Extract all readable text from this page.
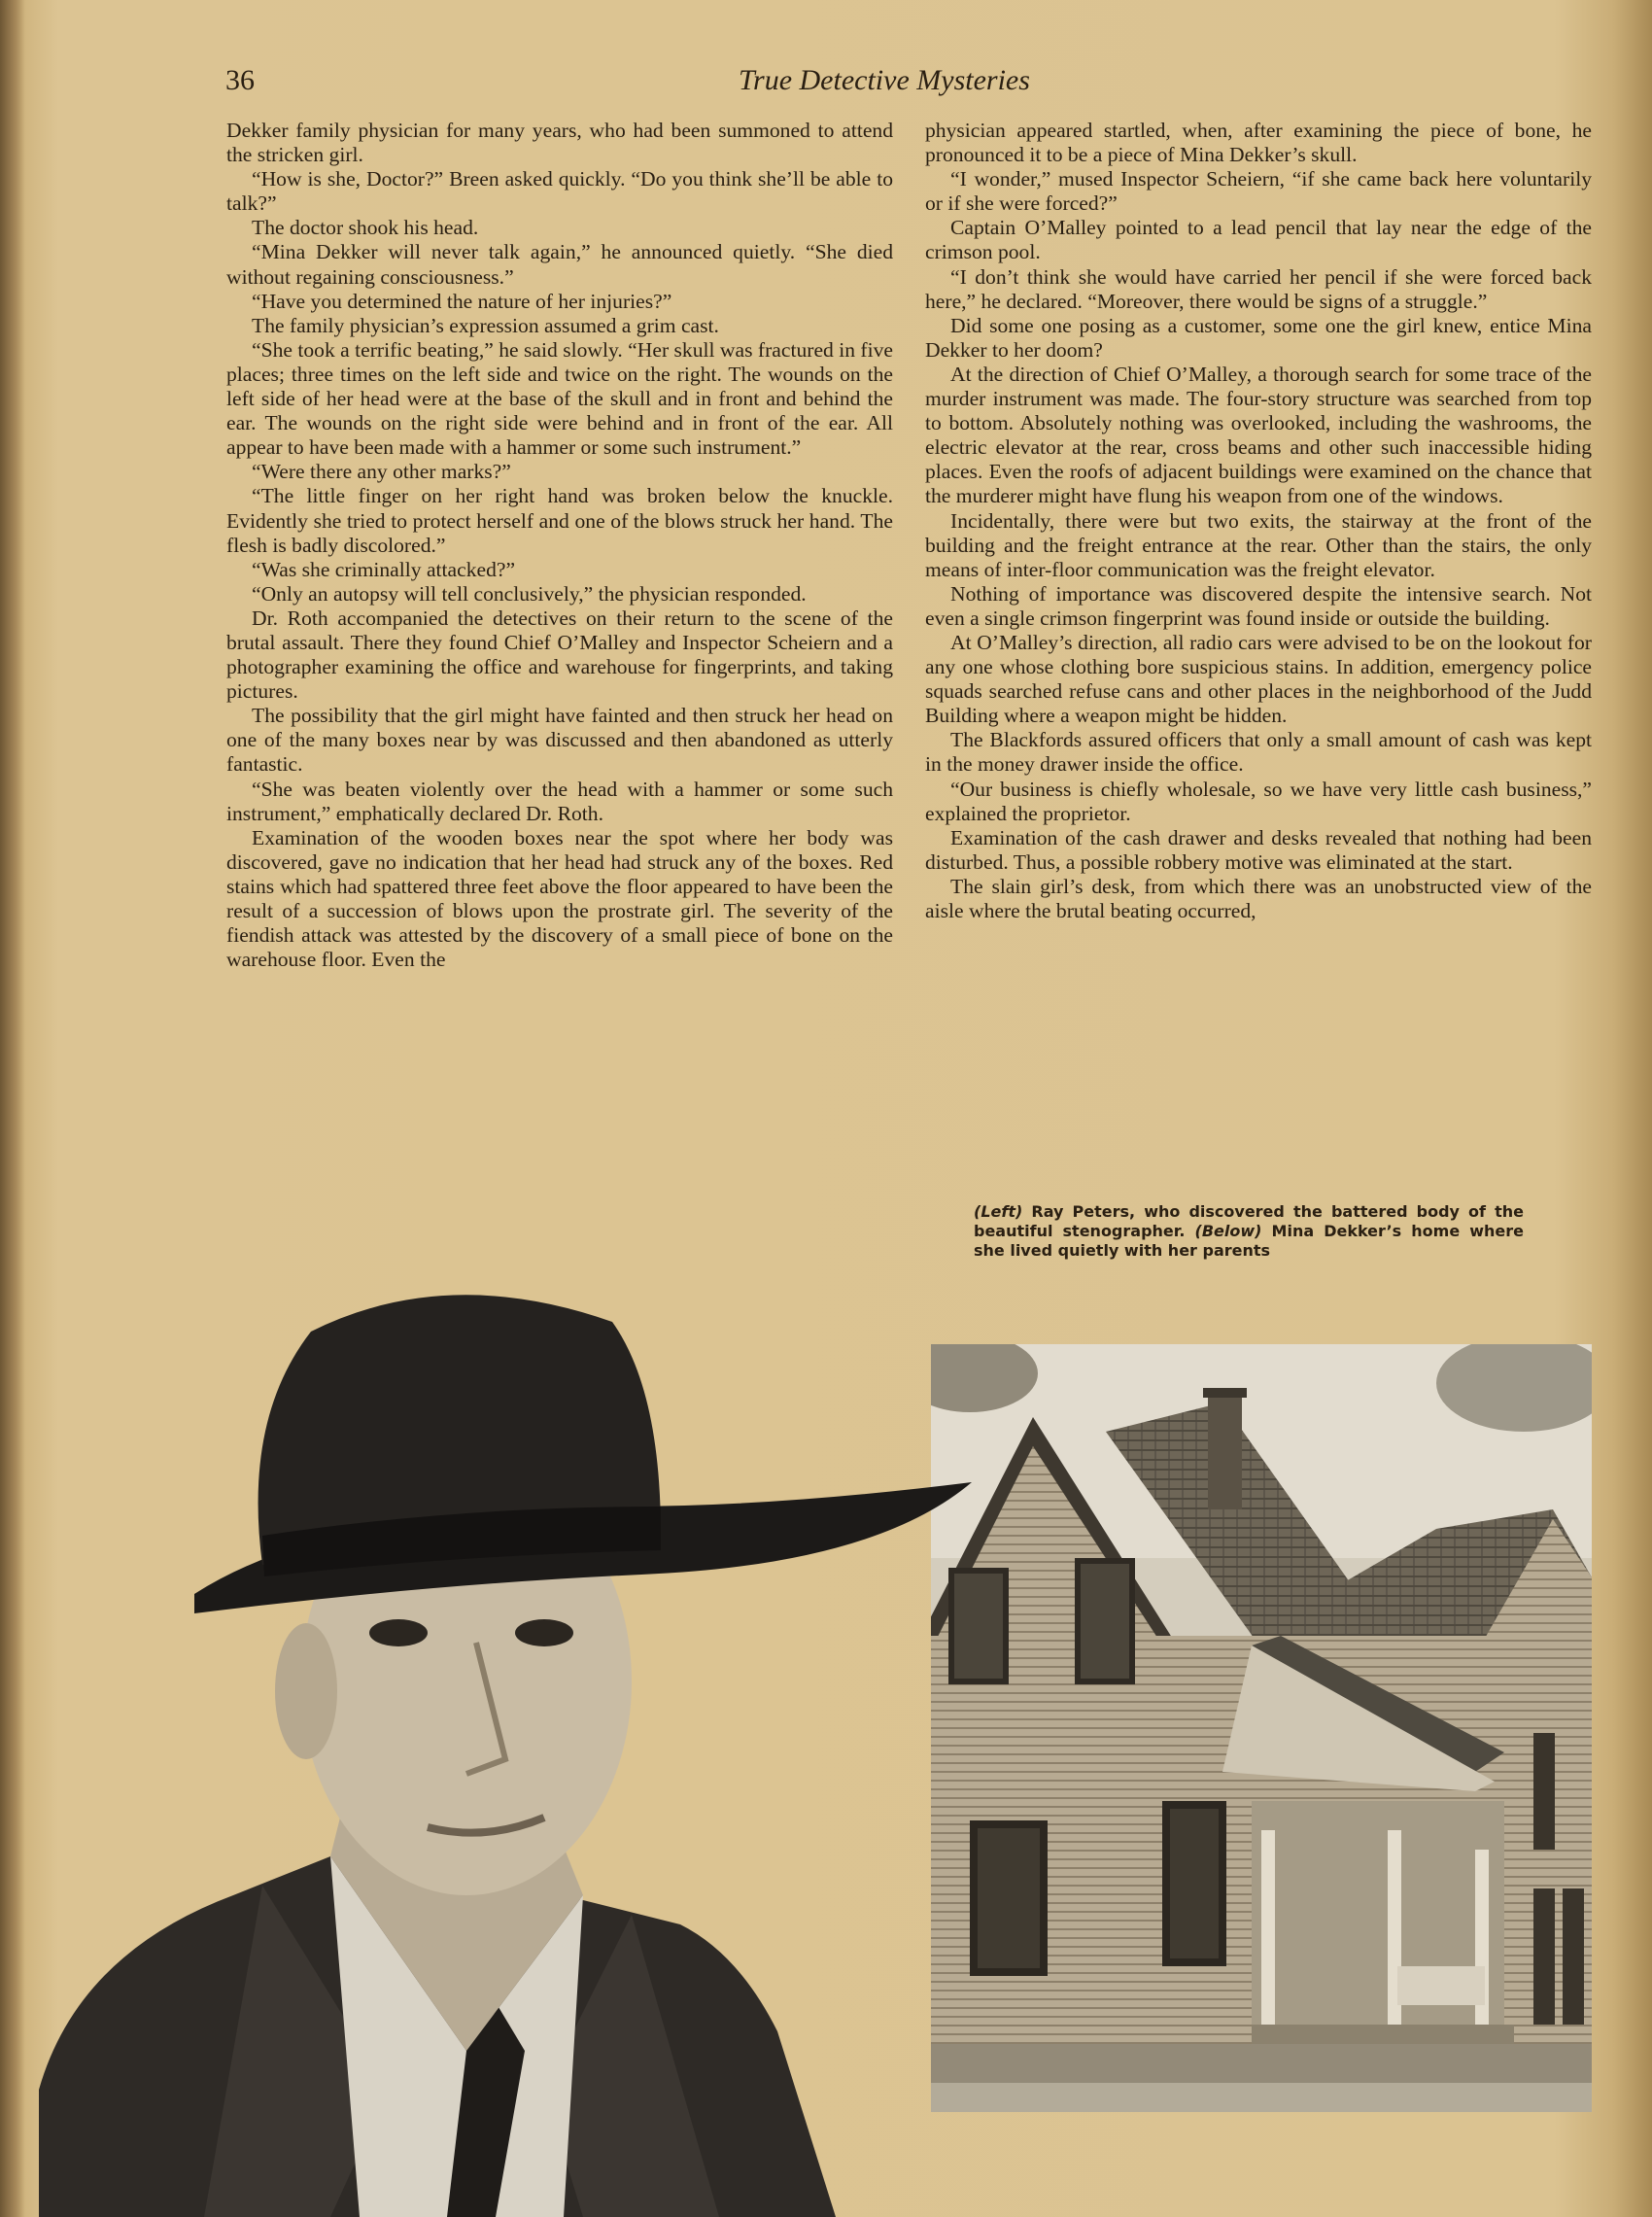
36	True Detective Mysteries

Dekker family physician for many years, who had been summoned to attend the stricken girl.

“How is she, Doctor?” Breen asked quickly. “Do you think she’ll be able to talk?”

The doctor shook his head.

“Mina Dekker will never talk again,” he announced quietly. “She died without regaining consciousness.”

“Have you determined the nature of her injuries?”

The family physician’s expression assumed a grim cast.

“She took a terrific beating,” he said slowly. “Her skull was fractured in five places; three times on the left side and twice on the right. The wounds on the left side of her head were at the base of the skull and in front and behind the ear. The wounds on the right side were behind and in front of the ear. All appear to have been made with a hammer or some such instrument.”

“Were there any other marks?”

“The little finger on her right hand was broken below the knuckle. Evidently she tried to protect herself and one of the blows struck her hand. The flesh is badly discolored.”

“Was she criminally attacked?”

“Only an autopsy will tell conclusively,” the physician responded.

Dr. Roth accompanied the detectives on their return to the scene of the brutal assault. There they found Chief O’Malley and Inspector Scheiern and a photographer examining the office and warehouse for fingerprints, and taking pictures.

The possibility that the girl might have fainted and then struck her head on one of the many boxes near by was discussed and then abandoned as utterly fantastic.

“She was beaten violently over the head with a hammer or some such instrument,” emphatically declared Dr. Roth.

Examination of the wooden boxes near the spot where her body was discovered, gave no indication that her head had struck any of the boxes. Red stains which had spattered three feet above the floor appeared to have been the result of a succession of blows upon the prostrate girl. The severity of the fiendish attack was attested by the discovery of a small piece of bone on the warehouse floor. Even the

physician appeared startled, when, after examining the piece of bone, he pronounced it to be a piece of Mina Dekker’s skull.

“I wonder,” mused Inspector Scheiern, “if she came back here voluntarily or if she were forced?”

Captain O’Malley pointed to a lead pencil that lay near the edge of the crimson pool.

“I don’t think she would have carried her pencil if she were forced back here,” he declared. “Moreover, there would be signs of a struggle.”

Did some one posing as a customer, some one the girl knew, entice Mina Dekker to her doom?

At the direction of Chief O’Malley, a thorough search for some trace of the murder instrument was made. The four-story structure was searched from top to bottom. Absolutely nothing was overlooked, including the washrooms, the electric elevator at the rear, cross beams and other such inaccessible hiding places. Even the roofs of adjacent buildings were examined on the chance that the murderer might have flung his weapon from one of the windows.

Incidentally, there were but two exits, the stairway at the front of the building and the freight entrance at the rear. Other than the stairs, the only means of inter-floor communication was the freight elevator.

Nothing of importance was discovered despite the intensive search. Not even a single crimson fingerprint was found inside or outside the building.

At O’Malley’s direction, all radio cars were advised to be on the lookout for any one whose clothing bore suspicious stains. In addition, emergency police squads searched refuse cans and other places in the neighborhood of the Judd Building where a weapon might be hidden.

The Blackfords assured officers that only a small amount of cash was kept in the money drawer inside the office.

“Our business is chiefly wholesale, so we have very little cash business,” explained the proprietor.

Examination of the cash drawer and desks revealed that nothing had been disturbed. Thus, a possible robbery motive was eliminated at the start.

The slain girl’s desk, from which there was an unobstructed view of the aisle where the brutal beating occurred,

(Left) Ray Peters, who discovered the battered body of the beautiful stenographer. (Below) Mina Dekker’s home where she lived quietly with her parents
